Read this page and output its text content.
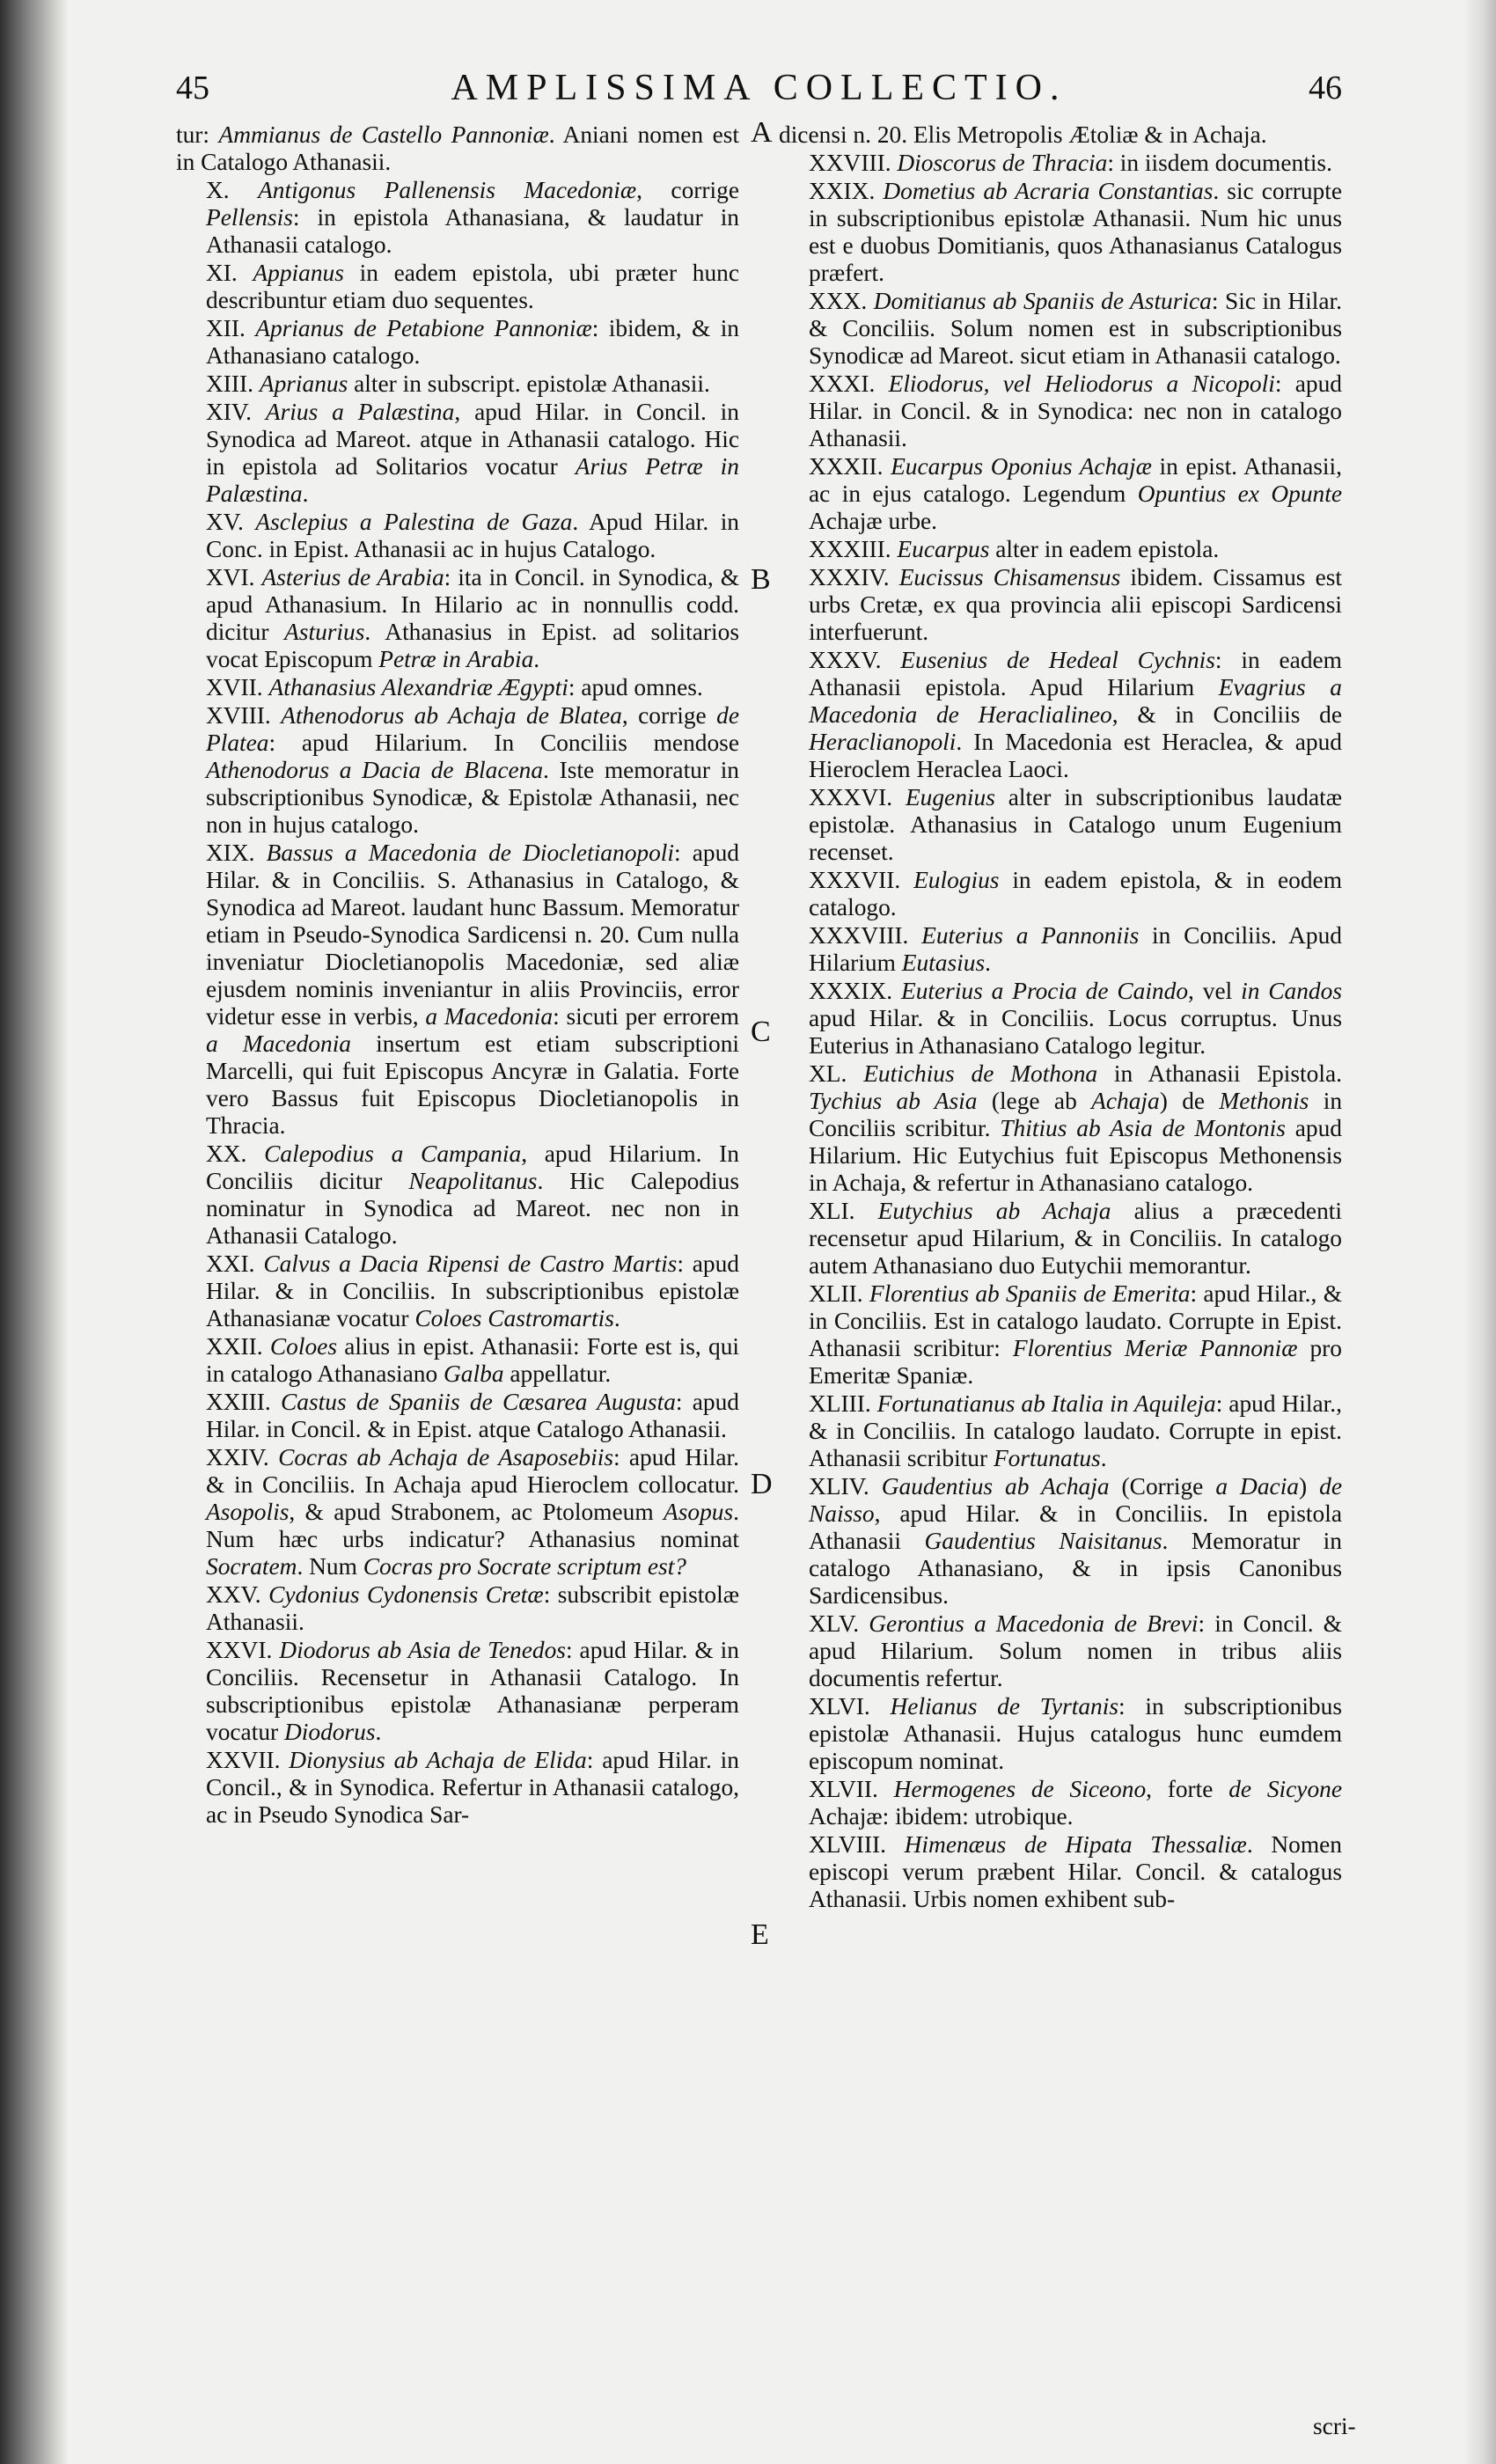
45	AMPLISSIMA COLLECTIO.	46
tur: Ammianus de Castello Pannoniæ. Aniani nomen est in Catalogo Athanasii.
X. Antigonus Pallenensis Macedoniæ, corrige Pellensis: in epistola Athanasiana, & laudatur in Athanasii catalogo.
XI. Appianus in eadem epistola, ubi præter hunc describuntur etiam duo sequentes.
XII. Aprianus de Petabione Pannoniæ: ibidem, & in Athanasiano catalogo.
XIII. Aprianus alter in subscript. epistolæ Athanasii.
XIV. Arius a Palæstina, apud Hilar. in Concil. in Synodica ad Mareot. atque in Athanasii catalogo. Hic in epistola ad Solitarios vocatur Arius Petræ in Palæstina.
XV. Asclepius a Palestina de Gaza. Apud Hilar. in Conc. in Epist. Athanasii ac in hujus Catalogo.
XVI. Asterius de Arabia: ita in Concil. in Synodica, & apud Athanasium. In Hilario ac in nonnullis codd. dicitur Asturius. Athanasius in Epist. ad solitarios vocat Episcopum Petræ in Arabia.
XVII. Athanasius Alexandriæ Ægypti: apud omnes.
XVIII. Athenodorus ab Achaja de Blatea, corrige de Platea: apud Hilarium. In Conciliis mendose Athenodorus a Dacia de Blacena. Iste memoratur in subscriptionibus Synodicæ, & Epistolæ Athanasii, nec non in hujus catalogo.
XIX. Bassus a Macedonia de Diocletianopoli: apud Hilar. & in Conciliis. S. Athanasius in Catalogo, & Synodica ad Mareot. laudant hunc Bassum. Memoratur etiam in Pseudo-Synodica Sardicensi n. 20. Cum nulla inveniatur Diocletianopolis Macedoniæ, sed aliæ ejusdem nominis inveniantur in aliis Provinciis, error videtur esse in verbis, a Macedonia: sicuti per errorem a Macedonia insertum est etiam subscriptioni Marcelli, qui fuit Episcopus Ancyræ in Galatia. Forte vero Bassus fuit Episcopus Diocletianopolis in Thracia.
XX. Calepodius a Campania, apud Hilarium. In Conciliis dicitur Neapolitanus. Hic Calepodius nominatur in Synodica ad Mareot. nec non in Athanasii Catalogo.
XXI. Calvus a Dacia Ripensi de Castro Martis: apud Hilar. & in Conciliis. In subscriptionibus epistolæ Athanasianæ vocatur Coloes Castromartis.
XXII. Coloes alius in epist. Athanasii: Forte est is, qui in catalogo Athanasiano Galba appellatur.
XXIII. Castus de Spaniis de Cæsarea Augusta: apud Hilar. in Concil. & in Epist. atque Catalogo Athanasii.
XXIV. Cocras ab Achaja de Asaposebiis: apud Hilar. & in Conciliis. In Achaja apud Hieroclem collocatur. Asopolis, & apud Strabonem, ac Ptolomeum Asopus. Num hæc urbs indicatur? Athanasius nominat Socratem. Num Cocras pro Socrate scriptum est?
XXV. Cydonius Cydonensis Cretæ: subscribit epistolæ Athanasii.
XXVI. Diodorus ab Asia de Tenedos: apud Hilar. & in Conciliis. Recensetur in Athanasii Catalogo. In subscriptionibus epistolæ Athanasianæ perperam vocatur Diodorus.
XXVII. Dionysius ab Achaja de Elida: apud Hilar. in Concil., & in Synodica. Refertur in Athanasii catalogo, ac in Pseudo Synodica Sar-
A
B
C
D
E
dicensi n. 20. Elis Metropolis Ætoliæ & in Achaja.
XXVIII. Dioscorus de Thracia: in iisdem documentis.
XXIX. Dometius ab Acraria Constantias. sic corrupte in subscriptionibus epistolæ Athanasii. Num hic unus est e duobus Domitianis, quos Athanasianus Catalogus præfert.
XXX. Domitianus ab Spaniis de Asturica: Sic in Hilar. & Conciliis. Solum nomen est in subscriptionibus Synodicæ ad Mareot. sicut etiam in Athanasii catalogo.
XXXI. Eliodorus, vel Heliodorus a Nicopoli: apud Hilar. in Concil. & in Synodica: nec non in catalogo Athanasii.
XXXII. Eucarpus Oponius Achajæ in epist. Athanasii, ac in ejus catalogo. Legendum Opuntius ex Opunte Achajæ urbe.
XXXIII. Eucarpus alter in eadem epistola.
XXXIV. Eucissus Chisamensus ibidem. Cissamus est urbs Cretæ, ex qua provincia alii episcopi Sardicensi interfuerunt.
XXXV. Eusenius de Hedeal Cychnis: in eadem Athanasii epistola. Apud Hilarium Evagrius a Macedonia de Heraclialineo, & in Conciliis de Heraclianopoli. In Macedonia est Heraclea, & apud Hieroclem Heraclea Laoci.
XXXVI. Eugenius alter in subscriptionibus laudatæ epistolæ. Athanasius in Catalogo unum Eugenium recenset.
XXXVII. Eulogius in eadem epistola, & in eodem catalogo.
XXXVIII. Euterius a Pannoniis in Conciliis. Apud Hilarium Eutasius.
XXXIX. Euterius a Procia de Caindo, vel in Candos apud Hilar. & in Conciliis. Locus corruptus. Unus Euterius in Athanasiano Catalogo legitur.
XL. Eutichius de Mothona in Athanasii Epistola. Tychius ab Asia (lege ab Achaja) de Methonis in Conciliis scribitur. Thitius ab Asia de Montonis apud Hilarium. Hic Eutychius fuit Episcopus Methonensis in Achaja, & refertur in Athanasiano catalogo.
XLI. Eutychius ab Achaja alius a præcedenti recensetur apud Hilarium, & in Conciliis. In catalogo autem Athanasiano duo Eutychii memorantur.
XLII. Florentius ab Spaniis de Emerita: apud Hilar., & in Conciliis. Est in catalogo laudato. Corrupte in Epist. Athanasii scribitur: Florentius Meriæ Pannoniæ pro Emeritæ Spaniæ.
XLIII. Fortunatianus ab Italia in Aquileja: apud Hilar., & in Conciliis. In catalogo laudato. Corrupte in epist. Athanasii scribitur Fortunatus.
XLIV. Gaudentius ab Achaja (Corrige a Dacia) de Naisso, apud Hilar. & in Conciliis. In epistola Athanasii Gaudentius Naisitanus. Memoratur in catalogo Athanasiano, & in ipsis Canonibus Sardicensibus.
XLV. Gerontius a Macedonia de Brevi: in Concil. & apud Hilarium. Solum nomen in tribus aliis documentis refertur.
XLVI. Helianus de Tyrtanis: in subscriptionibus epistolæ Athanasii. Hujus catalogus hunc eumdem episcopum nominat.
XLVII. Hermogenes de Siceono, forte de Sicyone Achajæ: ibidem: utrobique.
XLVIII. Himenæus de Hipata Thessaliæ. Nomen episcopi verum præbent Hilar. Concil. & catalogus Athanasii. Urbis nomen exhibent sub-
scri-
